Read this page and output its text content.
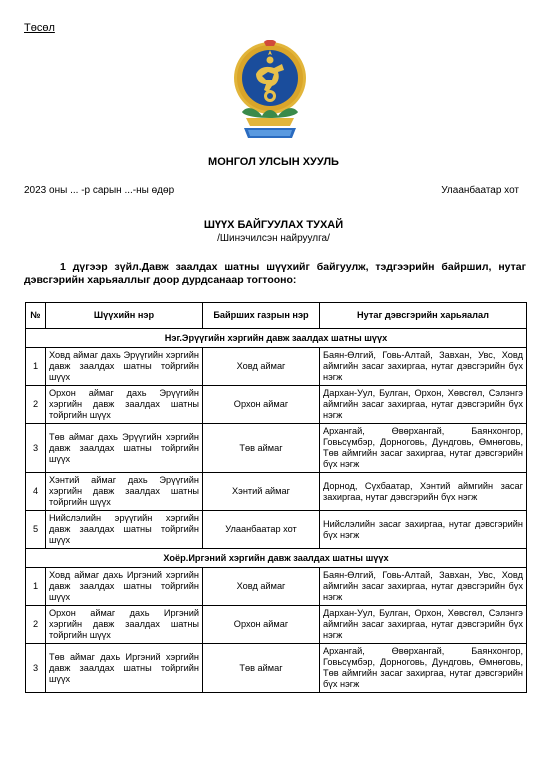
Төсөл
МОНГОЛ УЛСЫН ХУУЛЬ
2023 оны ... -р сарын ...-ны өдөр	Улаанбаатар хот
ШҮҮХ БАЙГУУЛАХ ТУХАЙ
/Шинэчилсэн найруулга/
1 дүгээр зүйл.Давж заалдах шатны шүүхийг байгуулж, тэдгээрийн байршил, нутаг дэвсгэрийн харьяаллыг доор дурдсанаар тогтооно:
№	Шүүхийн нэр	Байрших газрын нэр	Нутаг дэвсгэрийн харьяалал
Нэг.Эрүүгийн хэргийн давж заалдах шатны шүүх			
1	Ховд аймаг дахь Эрүүгийн хэргийн давж заалдах шатны тойргийн шүүх	Ховд аймаг	Баян-Өлгий, Говь-Алтай, Завхан, Увс, Ховд аймгийн засаг захиргаа, нутаг дэвсгэрийн бүх нэгж
2	Орхон аймаг дахь Эрүүгийн хэргийн давж заалдах шатны тойргийн шүүх	Орхон аймаг	Дархан-Уул, Булган, Орхон, Хөвсгөл, Сэлэнгэ аймгийн засаг захиргаа, нутаг дэвсгэрийн бүх нэгж
3	Төв аймаг дахь Эрүүгийн хэргийн давж заалдах шатны тойргийн шүүх	Төв аймаг	Архангай, Өвөрхангай, Баянхонгор, Говьсүмбэр, Дорноговь, Дундговь, Өмнөговь, Төв аймгийн засаг захиргаа, нутаг дэвсгэрийн бүх нэгж
4	Хэнтий аймаг дахь Эрүүгийн хэргийн давж заалдах шатны тойргийн шүүх	Хэнтий аймаг	Дорнод, Сүхбаатар, Хэнтий аймгийн засаг захиргаа, нутаг дэвсгэрийн бүх нэгж
5	Нийслэлийн эрүүгийн хэргийн давж заалдах шатны тойргийн шүүх	Улаанбаатар хот	Нийслэлийн засаг захиргаа, нутаг дэвсгэрийн бүх нэгж
Хоёр.Иргэний хэргийн давж заалдах шатны шүүх			
1	Ховд аймаг дахь Иргэний хэргийн давж заалдах шатны тойргийн шүүх	Ховд аймаг	Баян-Өлгий, Говь-Алтай, Завхан, Увс, Ховд аймгийн засаг захиргаа, нутаг дэвсгэрийн бүх нэгж
2	Орхон аймаг дахь Иргэний хэргийн давж заалдах шатны тойргийн шүүх	Орхон аймаг	Дархан-Уул, Булган, Орхон, Хөвсгөл, Сэлэнгэ аймгийн засаг захиргаа, нутаг дэвсгэрийн бүх нэгж
3	Төв аймаг дахь Иргэний хэргийн давж заалдах шатны тойргийн шүүх	Төв аймаг	Архангай, Өвөрхангай, Баянхонгор, Говьсүмбэр, Дорноговь, Дундговь, Өмнөговь, Төв аймгийн засаг захиргаа, нутаг дэвсгэрийн бүх нэгж
